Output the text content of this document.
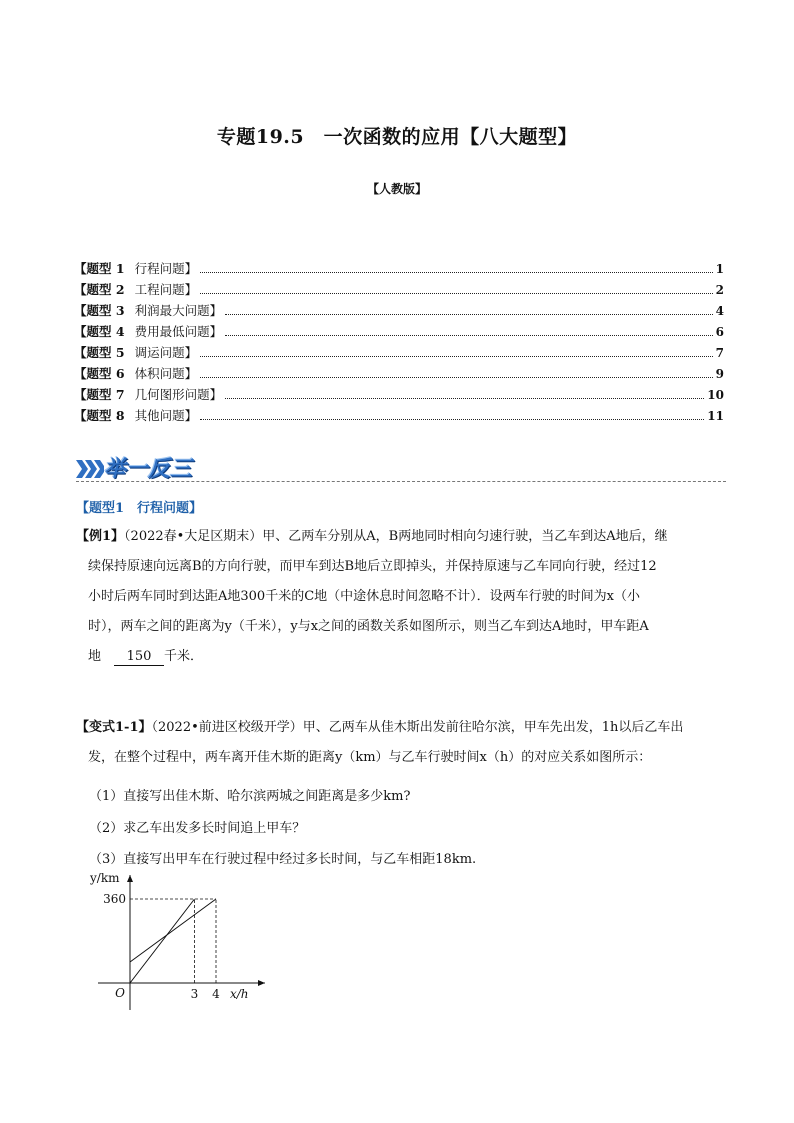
专题19.5　一次函数的应用【八大题型】
【人教版】
【题型 1 行程问题】	1
【题型 2 工程问题】	2
【题型 3 利润最大问题】	4
【题型 4 费用最低问题】	6
【题型 5 调运问题】	7
【题型 6 体积问题】	9
【题型 7 几何图形问题】	10
【题型 8 其他问题】	11
举一反三
【题型1　行程问题】
【例1】（2022春•大足区期末）甲、乙两车分别从A，B两地同时相向匀速行驶，当乙车到达A地后，继
续保持原速向远离B的方向行驶，而甲车到达B地后立即掉头，并保持原速与乙车同向行驶，经过12
小时后两车同时到达距A地300千米的C地（中途休息时间忽略不计）．设两车行驶的时间为x（小
时），两车之间的距离为y（千米），y与x之间的函数关系如图所示，则当乙车到达A地时，甲车距A
地  150 千米．
【变式1-1】（2022•前进区校级开学）甲、乙两车从佳木斯出发前往哈尔滨，甲车先出发，1h以后乙车出
发，在整个过程中，两车离开佳木斯的距离y（km）与乙车行驶时间x（h）的对应关系如图所示：
（1）直接写出佳木斯、哈尔滨两城之间距离是多少km?
（2）求乙车出发多长时间追上甲车？
（3）直接写出甲车在行驶过程中经过多长时间，与乙车相距18km.
y/km
360
O	3 4 x/h
